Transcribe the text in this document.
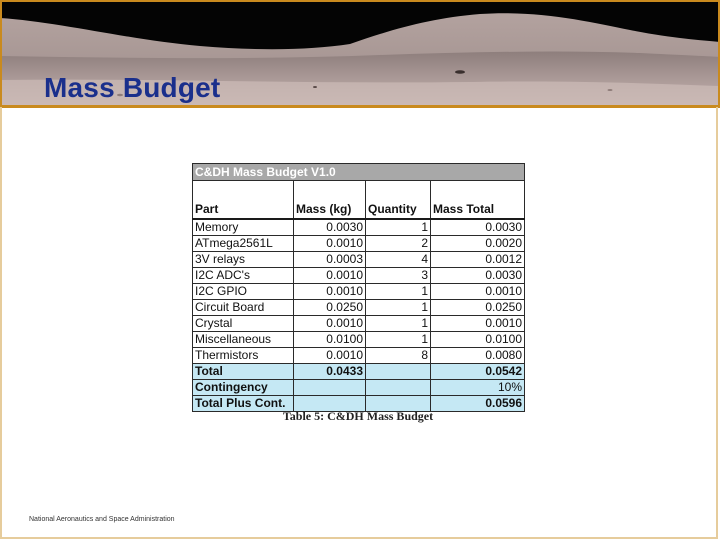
Mass Budget
C&DH Mass Budget V1.0			
Part	Mass (kg)	Quantity	Mass Total
Memory	0.0030	1	0.0030
ATmega2561L	0.0010	2	0.0020
3V relays	0.0003	4	0.0012
I2C ADC's	0.0010	3	0.0030
I2C GPIO	0.0010	1	0.0010
Circuit Board	0.0250	1	0.0250
Crystal	0.0010	1	0.0010
Miscellaneous	0.0100	1	0.0100
Thermistors	0.0010	8	0.0080
Total	0.0433		0.0542
Contingency			10%
Total Plus Cont.			0.0596

Table 5: C&DH Mass Budget

National Aeronautics and Space Administration
